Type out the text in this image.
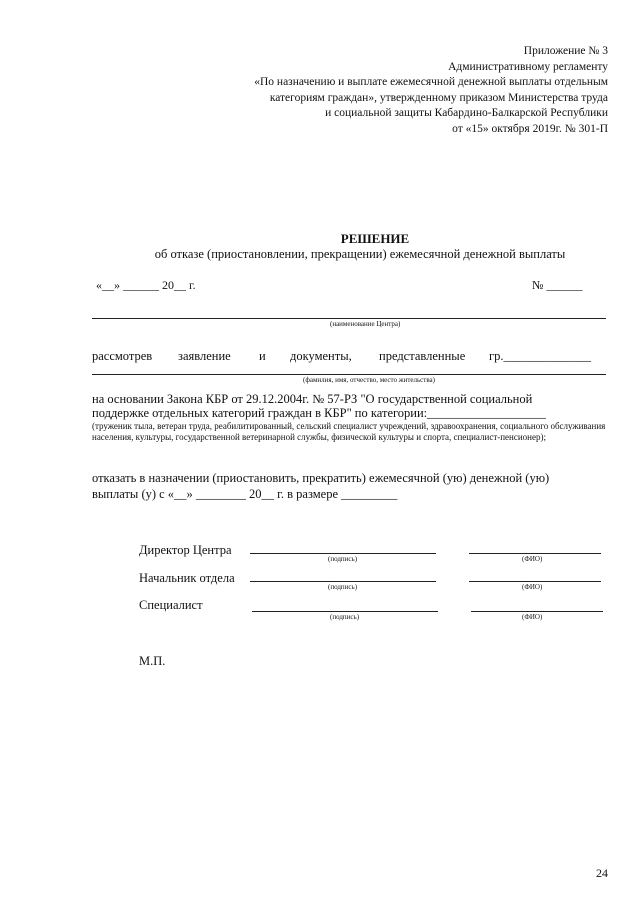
Приложение № 3
Административному регламенту
«По назначению и выплате ежемесячной денежной выплаты отдельным
категориям граждан», утвержденному приказом Министерства труда
и социальной защиты Кабардино-Балкарской Республики
от «15» октября 2019г. № 301-П
РЕШЕНИЕ
об отказе (приостановлении, прекращении) ежемесячной денежной выплаты
«__» ______ 20__ г.	№ ______
(наименование Центра)
рассмотрев заявление и документы, представленные гр.______________
(фамилия, имя, отчество, место жительства)
на основании Закона КБР от 29.12.2004г. № 57-РЗ "О государственной социальной
поддержке отдельных категорий граждан в КБР" по категории:___________________
(труженик тыла, ветеран труда, реабилитированный, сельский специалист учреждений, здравоохранения, социального обслуживания населения, культуры, государственной ветеринарной службы, физической культуры и спорта, специалист-пенсионер);
отказать в назначении (приостановить, прекратить) ежемесячной (ую) денежной (ую)
выплаты (у) с «__» ________ 20__ г. в размере _________
Директор Центра
(подпись)	(ФИО)
Начальник отдела
(подпись)	(ФИО)
Специалист
(подпись)	(ФИО)
М.П.
24
